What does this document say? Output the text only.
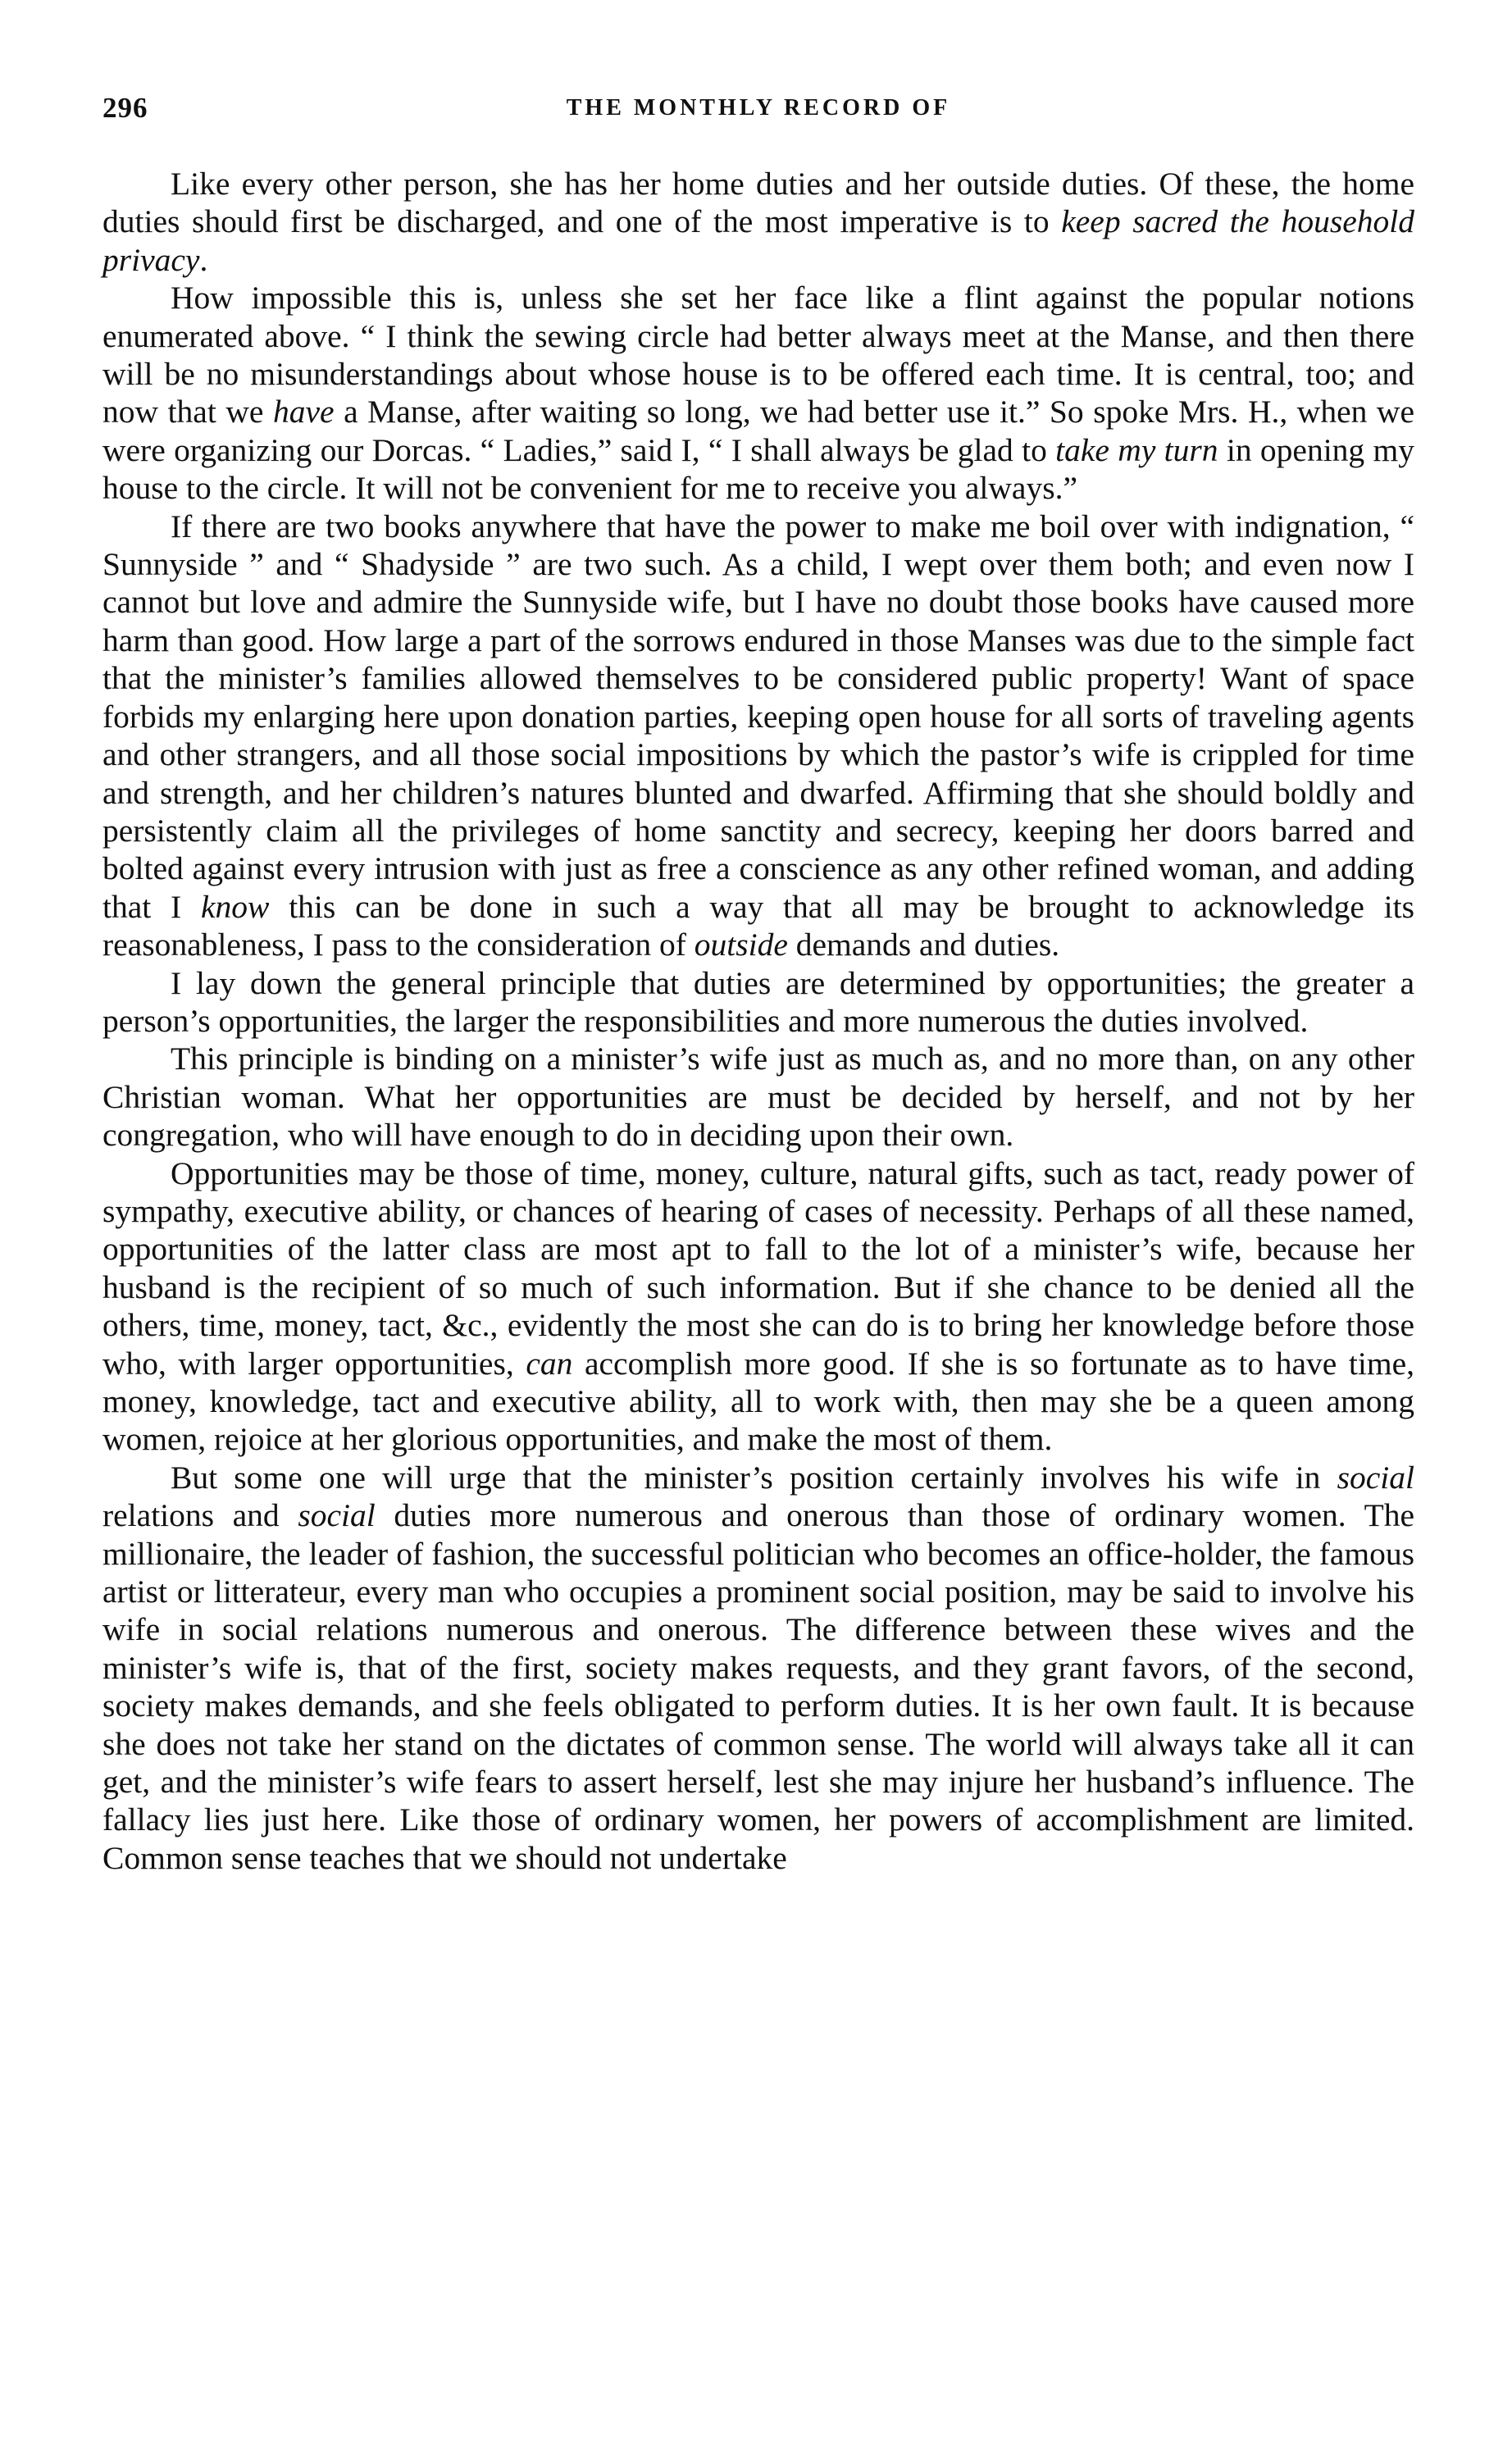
296	THE MONTHLY RECORD OF

Like every other person, she has her home duties and her outside duties. Of these, the home duties should first be discharged, and one of the most imperative is to keep sacred the household privacy.

How impossible this is, unless she set her face like a flint against the popular notions enumerated above. “ I think the sewing circle had better always meet at the Manse, and then there will be no misunderstandings about whose house is to be offered each time. It is central, too; and now that we have a Manse, after waiting so long, we had better use it.” So spoke Mrs. H., when we were organizing our Dorcas. “ Ladies,” said I, “ I shall always be glad to take my turn in opening my house to the circle. It will not be convenient for me to receive you always.”

If there are two books anywhere that have the power to make me boil over with indignation, “ Sunnyside ” and “ Shadyside ” are two such. As a child, I wept over them both; and even now I cannot but love and admire the Sunnyside wife, but I have no doubt those books have caused more harm than good. How large a part of the sorrows endured in those Manses was due to the simple fact that the minister’s families allowed themselves to be considered public property! Want of space forbids my enlarging here upon donation parties, keeping open house for all sorts of traveling agents and other strangers, and all those social impositions by which the pastor’s wife is crippled for time and strength, and her children’s natures blunted and dwarfed. Affirming that she should boldly and persistently claim all the privileges of home sanctity and secrecy, keeping her doors barred and bolted against every intrusion with just as free a conscience as any other refined woman, and adding that I know this can be done in such a way that all may be brought to acknowledge its reasonableness, I pass to the consideration of outside demands and duties.

I lay down the general principle that duties are determined by opportunities; the greater a person’s opportunities, the larger the responsibilities and more numerous the duties involved.

This principle is binding on a minister’s wife just as much as, and no more than, on any other Christian woman. What her opportunities are must be decided by herself, and not by her congregation, who will have enough to do in deciding upon their own.

Opportunities may be those of time, money, culture, natural gifts, such as tact, ready power of sympathy, executive ability, or chances of hearing of cases of necessity. Perhaps of all these named, opportunities of the latter class are most apt to fall to the lot of a minister’s wife, because her husband is the recipient of so much of such information. But if she chance to be denied all the others, time, money, tact, &c., evidently the most she can do is to bring her knowledge before those who, with larger opportunities, can accomplish more good. If she is so fortunate as to have time, money, knowledge, tact and executive ability, all to work with, then may she be a queen among women, rejoice at her glorious opportunities, and make the most of them.

But some one will urge that the minister’s position certainly involves his wife in social relations and social duties more numerous and onerous than those of ordinary women. The millionaire, the leader of fashion, the successful politician who becomes an office-holder, the famous artist or litterateur, every man who occupies a prominent social position, may be said to involve his wife in social relations numerous and onerous. The difference between these wives and the minister’s wife is, that of the first, society makes requests, and they grant favors, of the second, society makes demands, and she feels obligated to perform duties. It is her own fault. It is because she does not take her stand on the dictates of common sense. The world will always take all it can get, and the minister’s wife fears to assert herself, lest she may injure her husband’s influence. The fallacy lies just here. Like those of ordinary women, her powers of accomplishment are limited. Common sense teaches that we should not undertake
